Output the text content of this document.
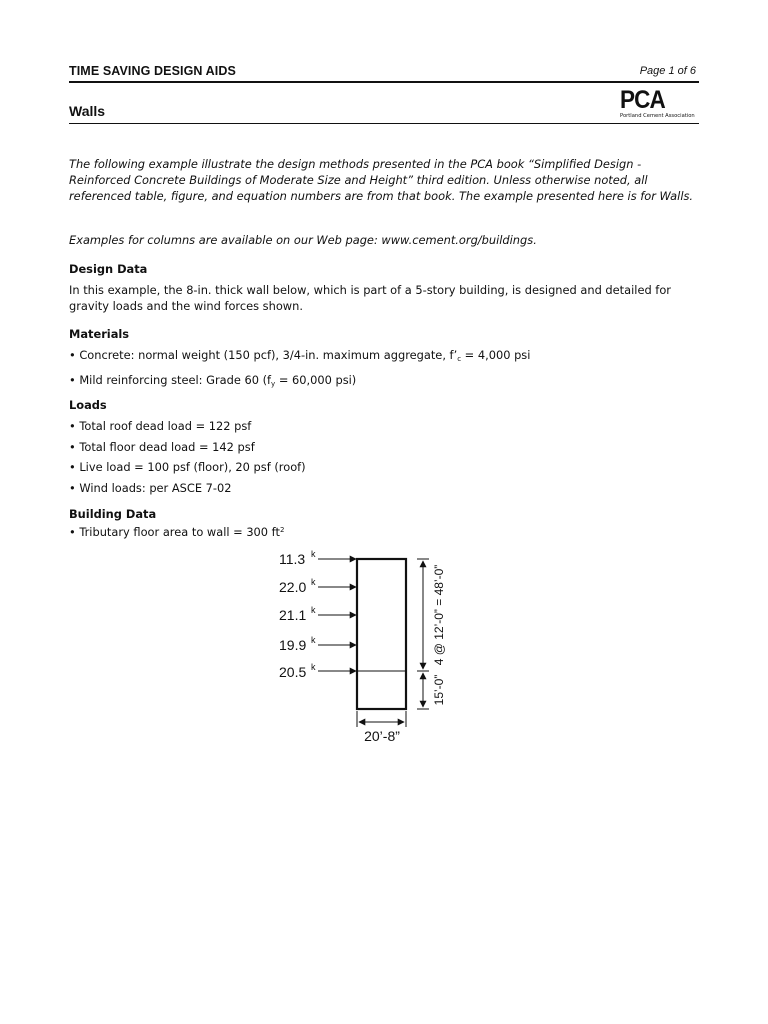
TIME SAVING DESIGN AIDS	Page 1 of 6
Walls	PCA
Portland Cement Association
The following example illustrate the design methods presented in the PCA book “Simplified Design - Reinforced Concrete Buildings of Moderate Size and Height” third edition. Unless otherwise noted, all referenced table, figure, and equation numbers are from that book. The example presented here is for Walls.
Examples for columns are available on our Web page: www.cement.org/buildings.
Design Data
In this example, the 8-in. thick wall below, which is part of a 5-story building, is designed and detailed for gravity loads and the wind forces shown.
Materials
• Concrete: normal weight (150 pcf), 3/4-in. maximum aggregate, $f’_c = 4,000$ psi
• Mild reinforcing steel: Grade 60 ($f_y = 60,000$ psi)
Loads
• Total roof dead load = 122 psf
• Total floor dead load = 142 psf
• Live load = 100 psf (floor), 20 psf (roof)
• Wind loads: per ASCE 7-02
Building Data
• Tributary floor area to wall = 300 $ft^2$
11.3 k
22.0 k
21.1 k
19.9 k
20.5 k
4 @ 12’-0” = 48’-0”
15’-0”
20’-8”
